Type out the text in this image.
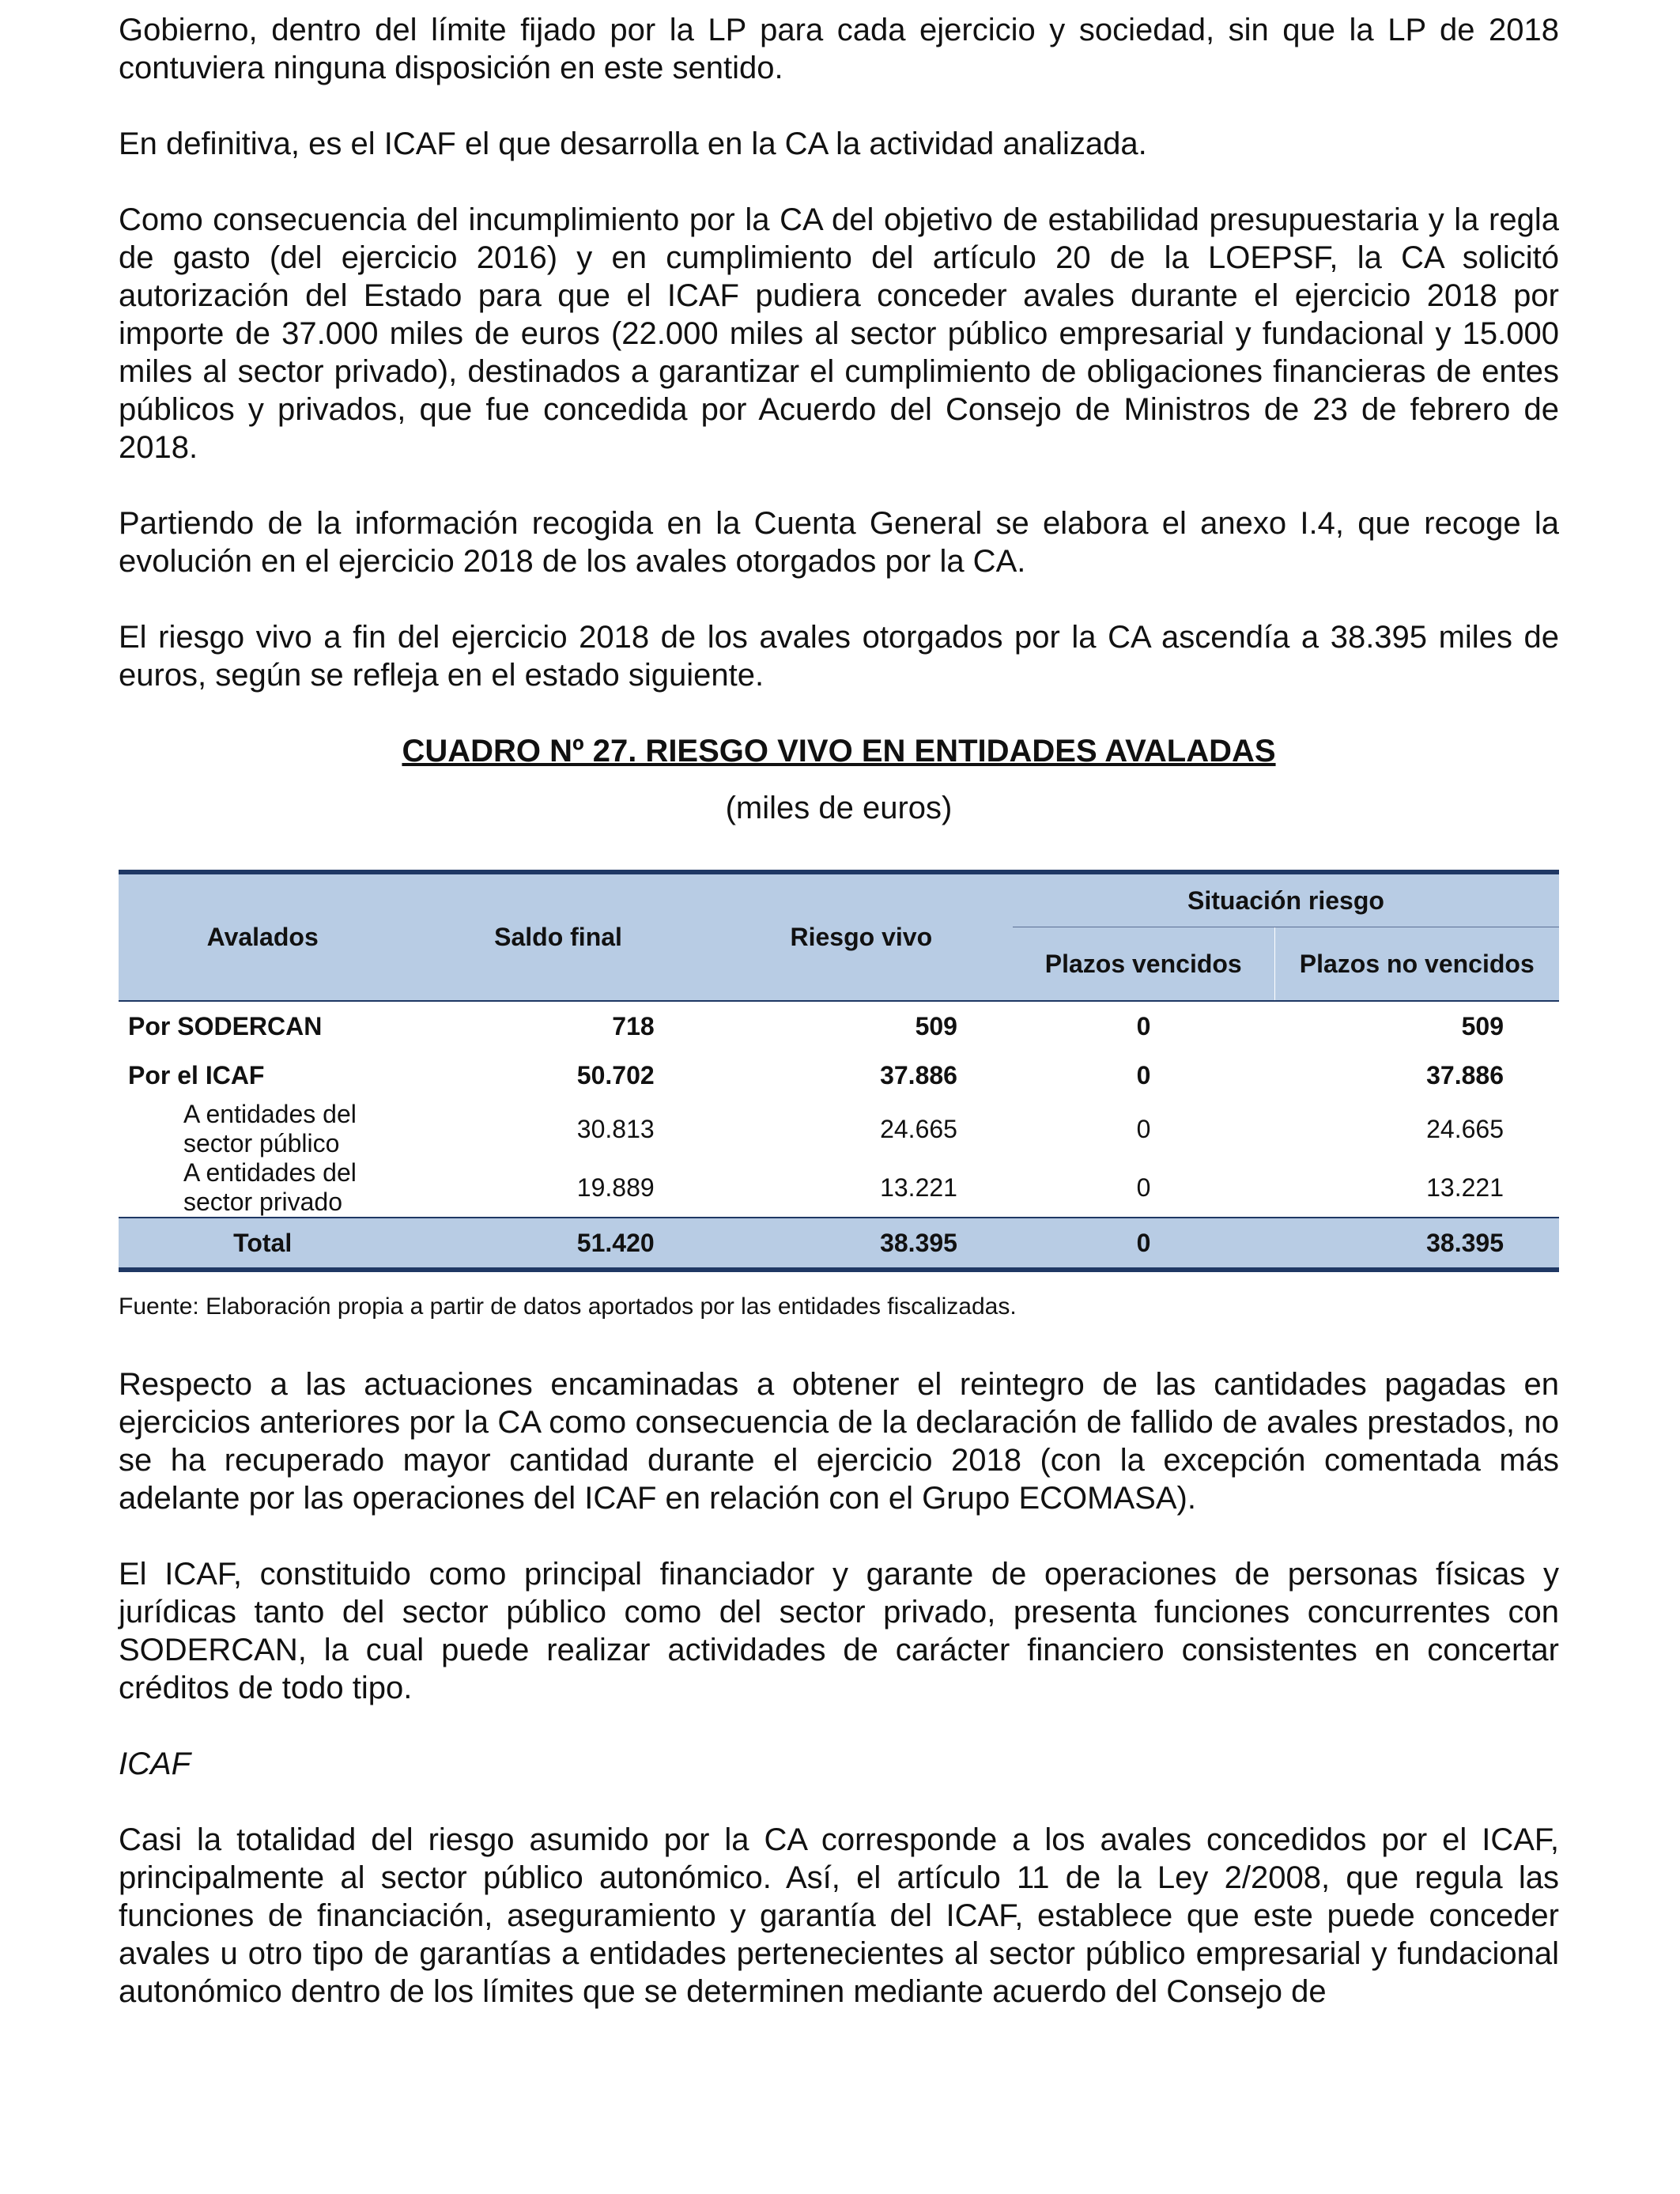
Gobierno, dentro del límite fijado por la LP para cada ejercicio y sociedad, sin que la LP de 2018 contuviera ninguna disposición en este sentido.

En definitiva, es el ICAF el que desarrolla en la CA la actividad analizada.

Como consecuencia del incumplimiento por la CA del objetivo de estabilidad presupuestaria y la regla de gasto (del ejercicio 2016) y en cumplimiento del artículo 20 de la LOEPSF, la CA solicitó autorización del Estado para que el ICAF pudiera conceder avales durante el ejercicio 2018 por importe de 37.000 miles de euros (22.000 miles al sector público empresarial y fundacional y 15.000 miles al sector privado), destinados a garantizar el cumplimiento de obligaciones financieras de entes públicos y privados, que fue concedida por Acuerdo del Consejo de Ministros de 23 de febrero de 2018.

Partiendo de la información recogida en la Cuenta General se elabora el anexo I.4, que recoge la evolución en el ejercicio 2018 de los avales otorgados por la CA.

El riesgo vivo a fin del ejercicio 2018 de los avales otorgados por la CA ascendía a 38.395 miles de euros, según se refleja en el estado siguiente.

CUADRO Nº 27. RIESGO VIVO EN ENTIDADES AVALADAS
(miles de euros)
Avalados	Saldo final	Riesgo vivo	Situación riesgo	
			Plazos vencidos	Plazos no vencidos
Por SODERCAN	718	509	0	509
Por el ICAF	50.702	37.886	0	37.886
A entidades del sector público	30.813	24.665	0	24.665
A entidades del sector privado	19.889	13.221	0	13.221
Total	51.420	38.395	0	38.395
Fuente: Elaboración propia a partir de datos aportados por las entidades fiscalizadas.

Respecto a las actuaciones encaminadas a obtener el reintegro de las cantidades pagadas en ejercicios anteriores por la CA como consecuencia de la declaración de fallido de avales prestados, no se ha recuperado mayor cantidad durante el ejercicio 2018 (con la excepción comentada más adelante por las operaciones del ICAF en relación con el Grupo ECOMASA).

El ICAF, constituido como principal financiador y garante de operaciones de personas físicas y jurídicas tanto del sector público como del sector privado, presenta funciones concurrentes con SODERCAN, la cual puede realizar actividades de carácter financiero consistentes en concertar créditos de todo tipo.

ICAF

Casi la totalidad del riesgo asumido por la CA corresponde a los avales concedidos por el ICAF, principalmente al sector público autonómico. Así, el artículo 11 de la Ley 2/2008, que regula las funciones de financiación, aseguramiento y garantía del ICAF, establece que este puede conceder avales u otro tipo de garantías a entidades pertenecientes al sector público empresarial y fundacional autonómico dentro de los límites que se determinen mediante acuerdo del Consejo de
